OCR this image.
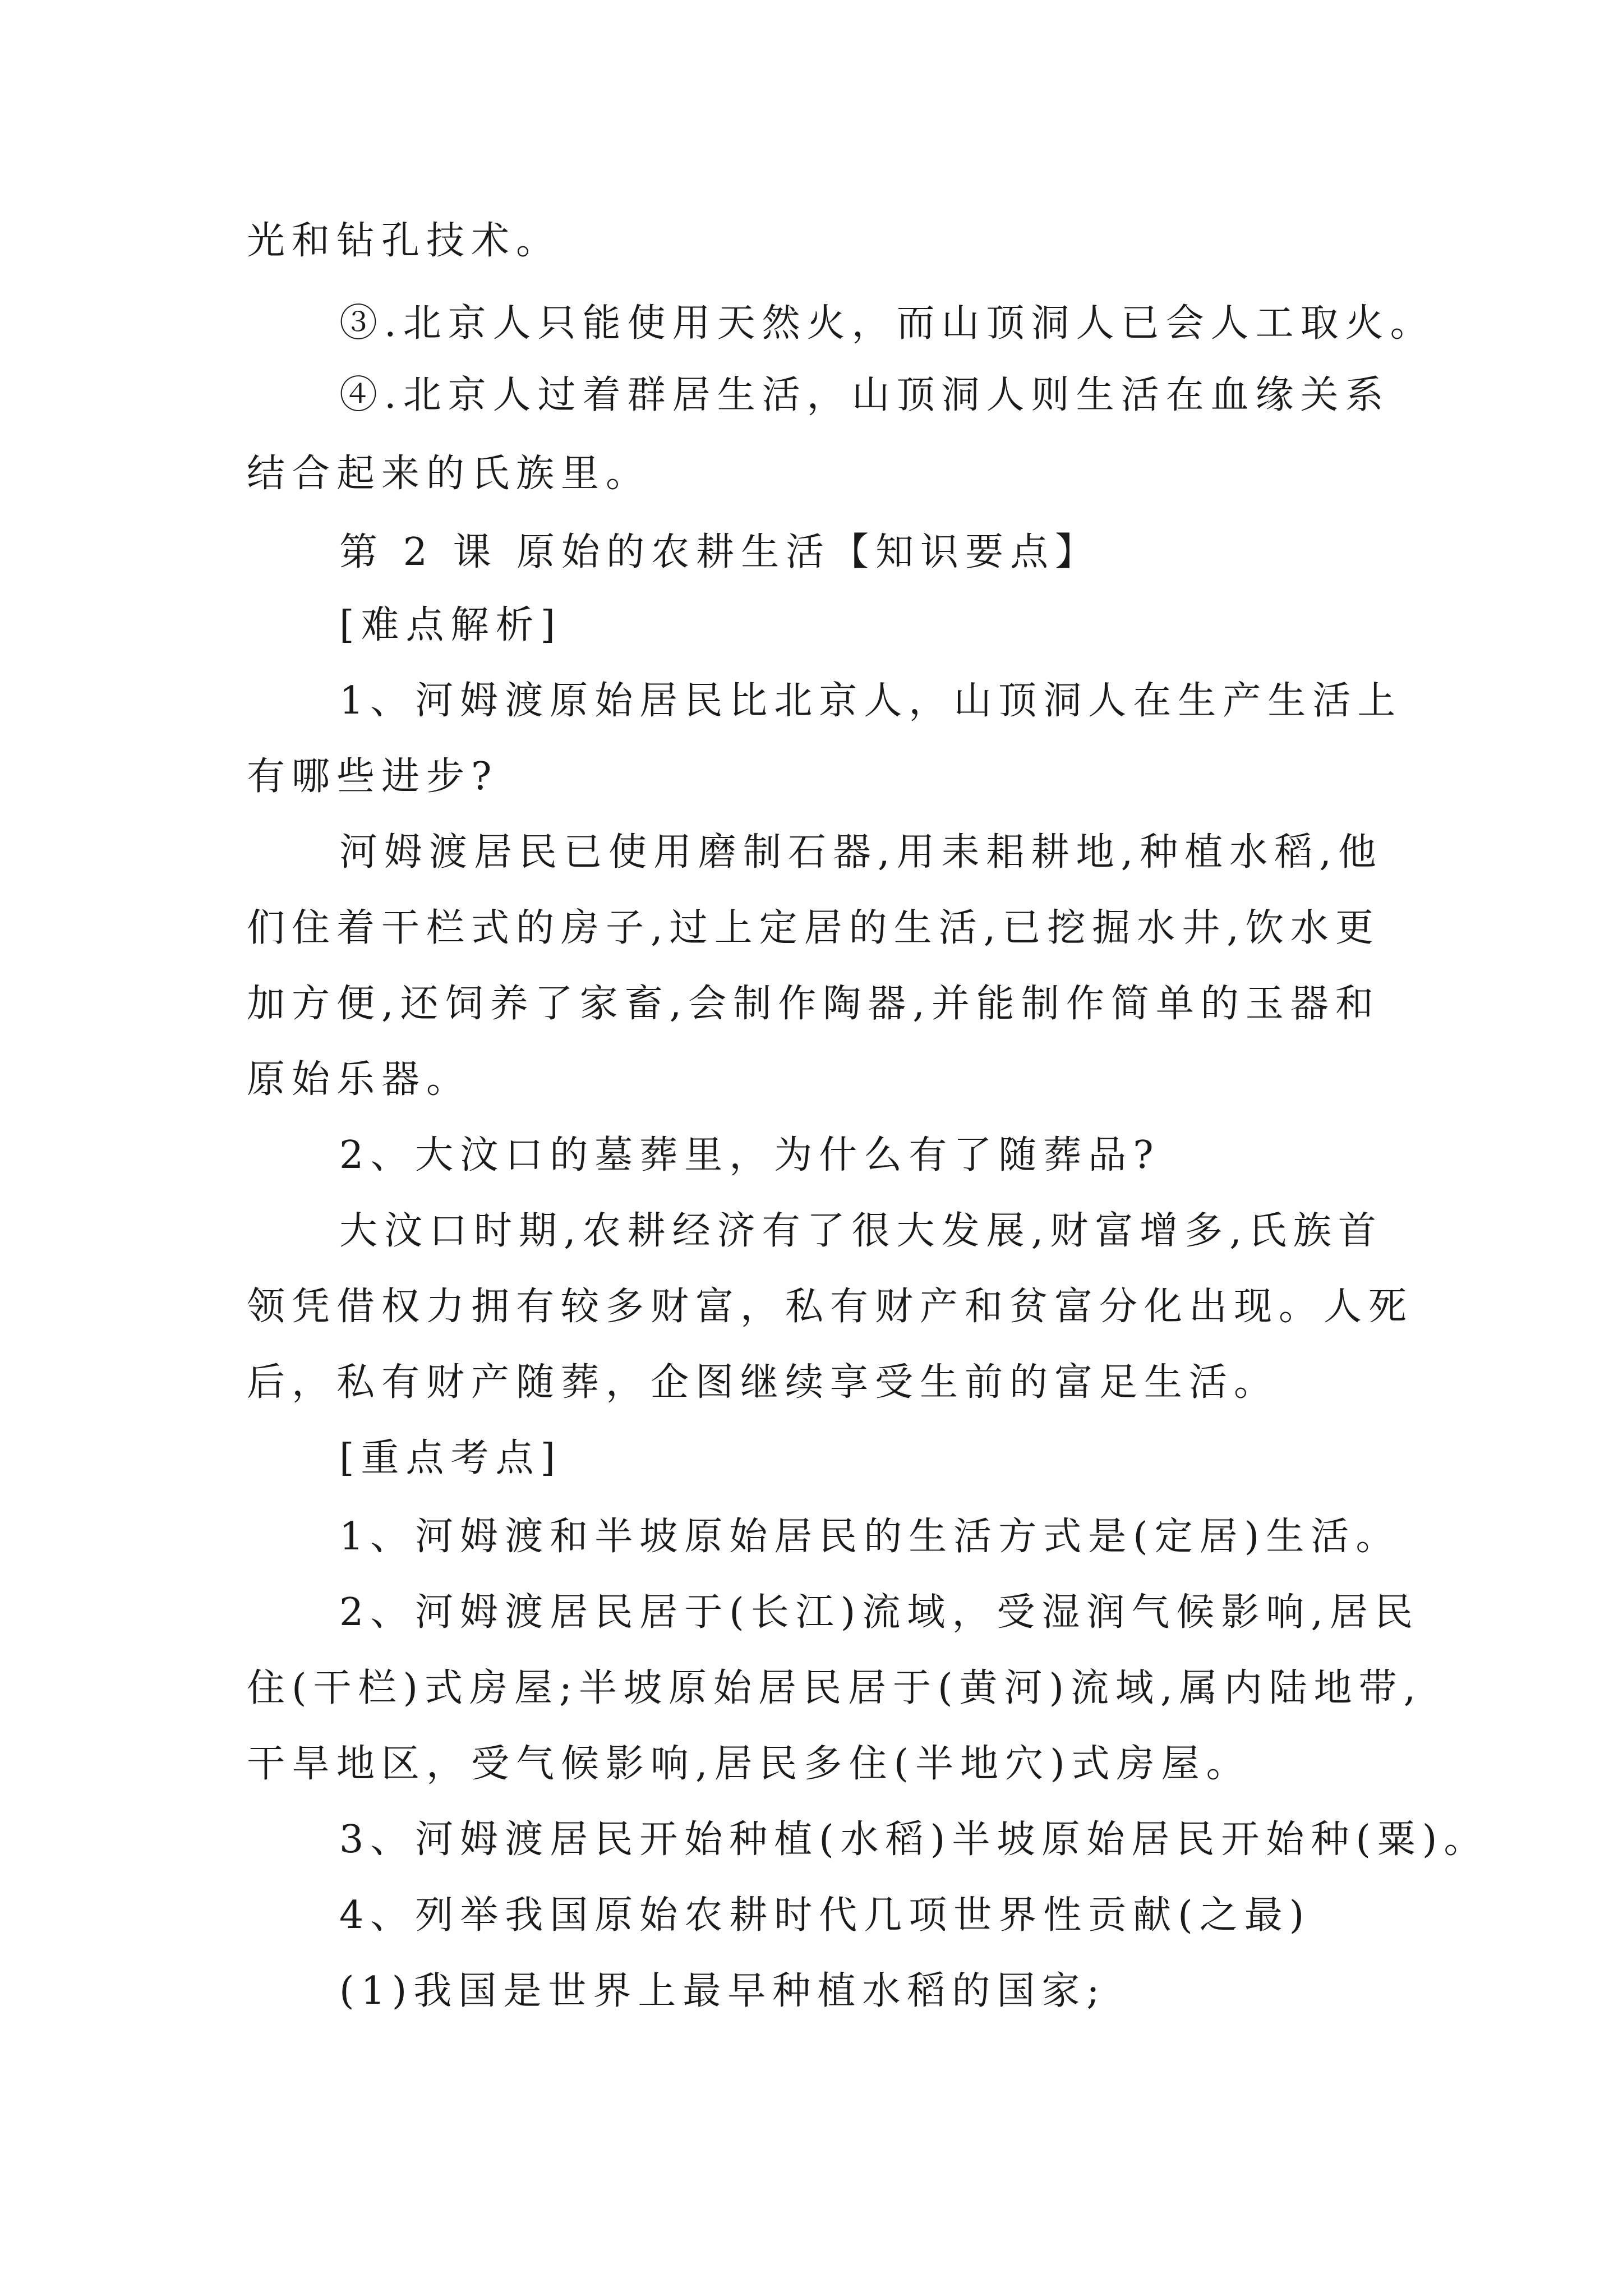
光和钻孔技术。
③.北京人只能使用天然火，而山顶洞人已会人工取火。
④.北京人过着群居生活，山顶洞人则生活在血缘关系
结合起来的氏族里。
第 2 课 原始的农耕生活【知识要点】
[难点解析]
1、河姆渡原始居民比北京人，山顶洞人在生产生活上
有哪些进步?
河姆渡居民已使用磨制石器,用耒耜耕地,种植水稻,他
们住着干栏式的房子,过上定居的生活,已挖掘水井,饮水更
加方便,还饲养了家畜,会制作陶器,并能制作简单的玉器和
原始乐器。
2、大汶口的墓葬里，为什么有了随葬品?
大汶口时期,农耕经济有了很大发展,财富增多,氏族首
领凭借权力拥有较多财富，私有财产和贫富分化出现。人死
后，私有财产随葬，企图继续享受生前的富足生活。
[重点考点]
1、河姆渡和半坡原始居民的生活方式是(定居)生活。
2、河姆渡居民居于(长江)流域，受湿润气候影响,居民
住(干栏)式房屋;半坡原始居民居于(黄河)流域,属内陆地带,
干旱地区，受气候影响,居民多住(半地穴)式房屋。
3、河姆渡居民开始种植(水稻)半坡原始居民开始种(粟)。
4、列举我国原始农耕时代几项世界性贡献(之最)
(1)我国是世界上最早种植水稻的国家;
